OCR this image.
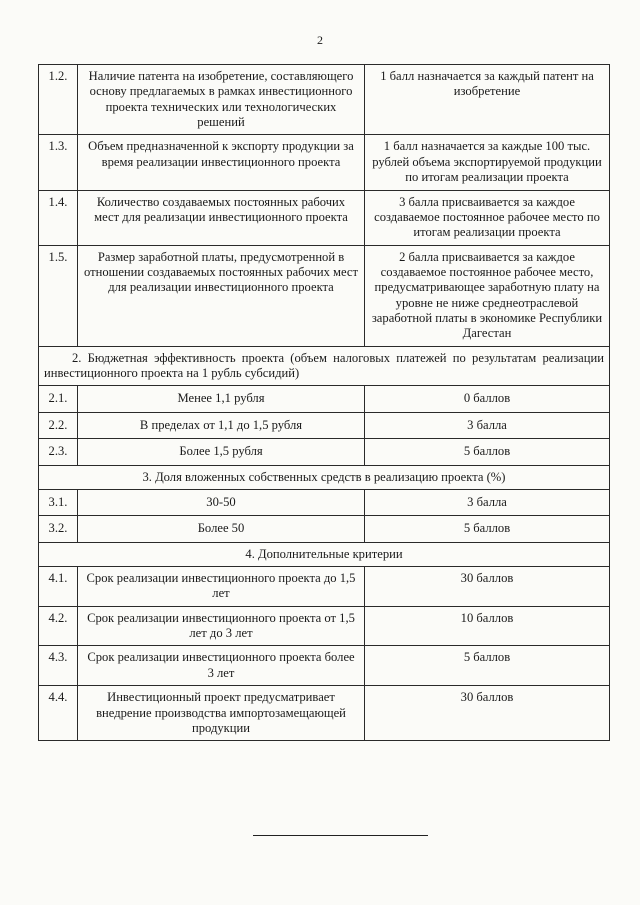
2
1.2.	Наличие патента на изобретение, составляющего основу предлагаемых в рамках инвестиционного проекта технических или технологических решений	1 балл назначается за каждый патент на изобретение
1.3.	Объем предназначенной к экспорту продукции за время реализации инвестиционного проекта	1 балл назначается за каждые 100 тыс. рублей объема экспортируемой продукции по итогам реализации проекта
1.4.	Количество создаваемых постоянных рабочих мест для реализации инвестиционного проекта	3 балла присваивается за каждое создаваемое постоянное рабочее место по итогам реализации проекта
1.5.	Размер заработной платы, предусмотренной в отношении создаваемых постоянных рабочих мест для реализации инвестиционного проекта	2 балла присваивается за каждое создаваемое постоянное рабочее место, предусматривающее заработную плату на уровне не ниже среднеотраслевой заработной платы в экономике Республики Дагестан
2. Бюджетная эффективность проекта (объем налоговых платежей по результатам реализации инвестиционного проекта на 1 рубль субсидий)		
2.1.	Менее 1,1 рубля	0 баллов
2.2.	В пределах от 1,1 до 1,5 рубля	3 балла
2.3.	Более 1,5 рубля	5 баллов
3. Доля вложенных собственных средств в реализацию проекта (%)		
3.1.	30-50	3 балла
3.2.	Более 50	5 баллов
4. Дополнительные критерии		
4.1.	Срок реализации инвестиционного проекта до 1,5 лет	30 баллов
4.2.	Срок реализации инвестиционного проекта от 1,5 лет до 3 лет	10 баллов
4.3.	Срок реализации инвестиционного проекта более 3 лет	5 баллов
4.4.	Инвестиционный проект предусматривает внедрение производства импортозамещающей продукции	30 баллов
